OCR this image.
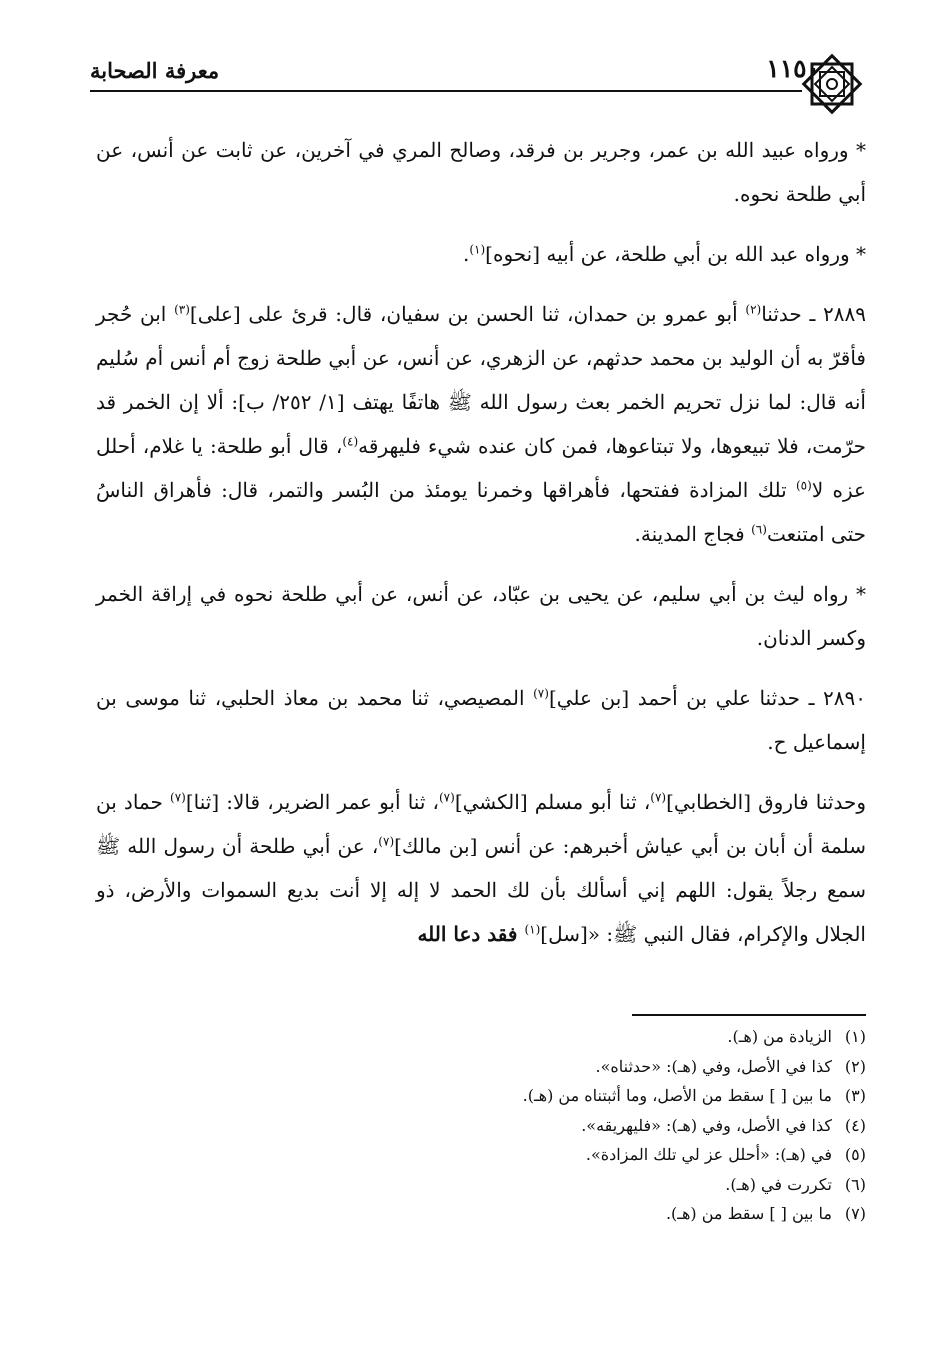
معرفة الصحابة	١١٥٠

* ورواه عبيد الله بن عمر، وجرير بن فرقد، وصالح المري في آخرين، عن ثابت عن أنس، عن أبي طلحة نحوه.

* ورواه عبد الله بن أبي طلحة، عن أبيه [نحوه]$^{(١)}$.

٢٨٨٩ ـ حدثنا$^{(٢)}$ أبو عمرو بن حمدان، ثنا الحسن بن سفيان، قال: قرئ على [على]$^{(٣)}$ ابن حُجر فأقرّ به أن الوليد بن محمد حدثهم، عن الزهري، عن أنس، عن أبي طلحة زوج أم أنس أم سُليم أنه قال: لما نزل تحريم الخمر بعث رسول الله ﷺ هاتفًا يهتف [١/ ٢٥٢/ ب]: ألا إن الخمر قد حرّمت، فلا تبيعوها، ولا تبتاعوها، فمن كان عنده شيء فليهرقه$^{(٤)}$، قال أبو طلحة: يا غلام، أحلل عزه لا$^{(٥)}$ تلك المزادة ففتحها، فأهراقها وخمرنا يومئذ من البُسر والتمر، قال: فأهراق الناسُ حتى امتنعت$^{(٦)}$ فجاج المدينة.

* رواه ليث بن أبي سليم، عن يحيى بن عبّاد، عن أنس، عن أبي طلحة نحوه في إراقة الخمر وكسر الدنان.

٢٨٩٠ ـ حدثنا علي بن أحمد [بن علي]$^{(٧)}$ المصيصي، ثنا محمد بن معاذ الحلبي، ثنا موسى بن إسماعيل ح.

وحدثنا فاروق [الخطابي]$^{(٧)}$، ثنا أبو مسلم [الكشي]$^{(٧)}$، ثنا أبو عمر الضرير، قالا: [ثنا]$^{(٧)}$ حماد بن سلمة أن أبان بن أبي عياش أخبرهم: عن أنس [بن مالك]$^{(٧)}$، عن أبي طلحة أن رسول الله ﷺ سمع رجلاً يقول: اللهم إني أسألك بأن لك الحمد لا إله إلا أنت بديع السموات والأرض، ذو الجلال والإكرام، فقال النبي ﷺ: «[سل]$^{(١)}$ فقد دعا الله

(١)الزيادة من (هـ).
(٢)كذا في الأصل، وفي (هـ): «حدثناه».
(٣)ما بين [ ] سقط من الأصل، وما أثبتناه من (هـ).
(٤)كذا في الأصل، وفي (هـ): «فليهريقه».
(٥)في (هـ): «أحلل عز لي تلك المزادة».
(٦)تكررت في (هـ).
(٧)ما بين [ ] سقط من (هـ).
